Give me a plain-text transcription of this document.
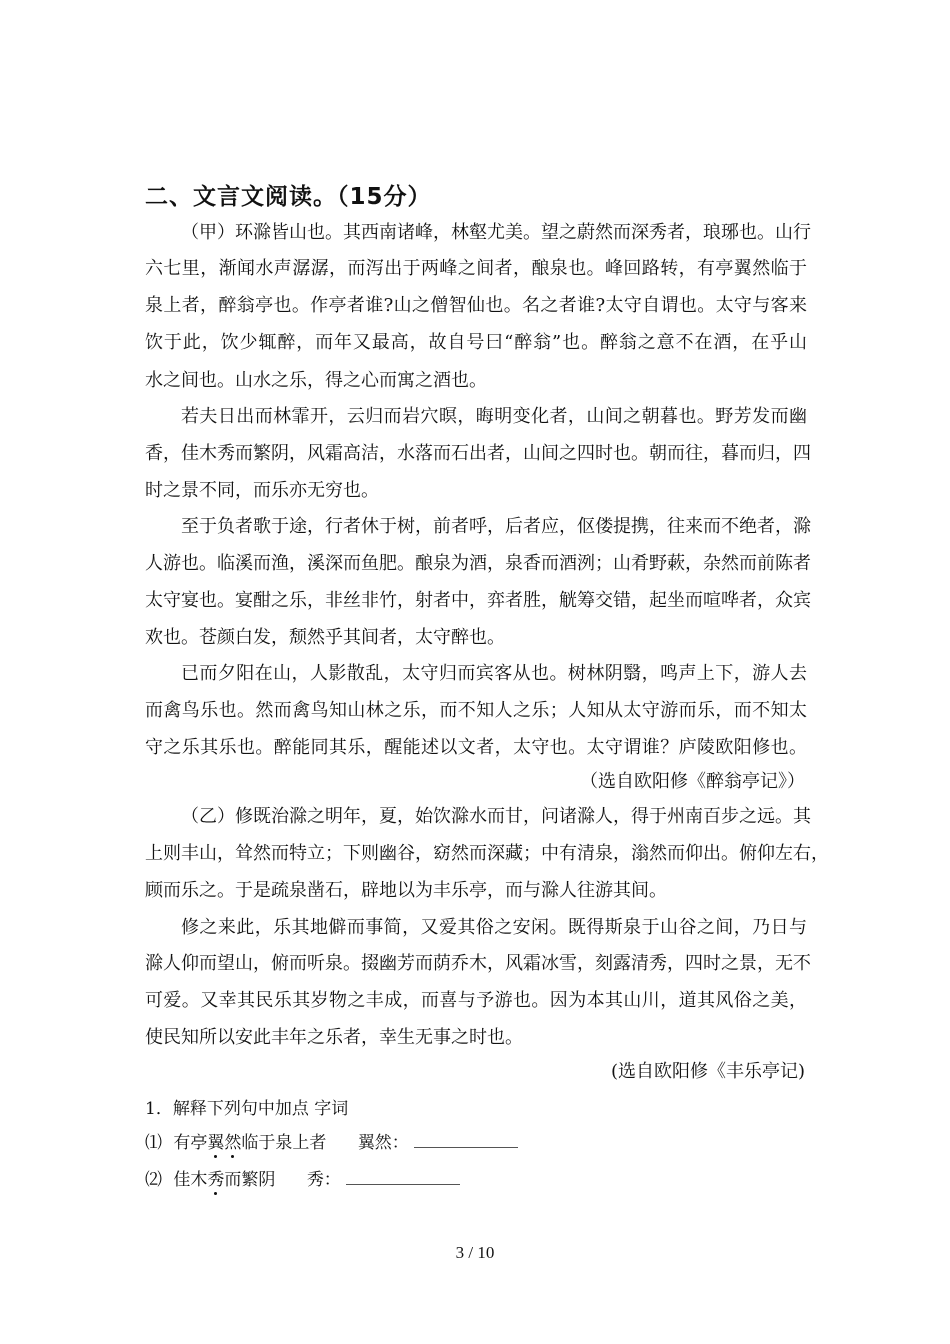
二、文言文阅读。（15分）
（甲）环滁皆山也。其西南诸峰，林壑尤美。望之蔚然而深秀者，琅琊也。山行
六七里，渐闻水声潺潺，而泻出于两峰之间者，酿泉也。峰回路转，有亭翼然临于
泉上者，醉翁亭也。作亭者谁?山之僧智仙也。名之者谁?太守自谓也。太守与客来
饮于此，饮少辄醉，而年又最高，故自号曰“醉翁”也。醉翁之意不在酒，在乎山
水之间也。山水之乐，得之心而寓之酒也。
若夫日出而林霏开，云归而岩穴暝，晦明变化者，山间之朝暮也。野芳发而幽
香，佳木秀而繁阴，风霜高洁，水落而石出者，山间之四时也。朝而往，暮而归，四
时之景不同，而乐亦无穷也。
至于负者歌于途，行者休于树，前者呼，后者应，伛偻提携，往来而不绝者，滁
人游也。临溪而渔，溪深而鱼肥。酿泉为酒，泉香而酒洌；山肴野蔌，杂然而前陈者
太守宴也。宴酣之乐，非丝非竹，射者中，弈者胜，觥筹交错，起坐而喧哗者，众宾
欢也。苍颜白发，颓然乎其间者，太守醉也。
已而夕阳在山，人影散乱，太守归而宾客从也。树林阴翳，鸣声上下，游人去
而禽鸟乐也。然而禽鸟知山林之乐，而不知人之乐；人知从太守游而乐，而不知太
守之乐其乐也。醉能同其乐，醒能述以文者，太守也。太守谓谁？庐陵欧阳修也。
（选自欧阳修《醉翁亭记》）
（乙）修既治滁之明年，夏，始饮滁水而甘，问诸滁人，得于州南百步之远。其
上则丰山，耸然而特立；下则幽谷，窈然而深藏；中有清泉，滃然而仰出。俯仰左右，
顾而乐之。于是疏泉凿石，辟地以为丰乐亭，而与滁人往游其间。
修之来此，乐其地僻而事简，又爱其俗之安闲。既得斯泉于山谷之间，乃日与
滁人仰而望山，俯而听泉。掇幽芳而荫乔木，风霜冰雪，刻露清秀，四时之景，无不
可爱。又幸其民乐其岁物之丰成，而喜与予游也。因为本其山川，道其风俗之美，
使民知所以安此丰年之乐者，幸生无事之时也。
(选自欧阳修《丰乐亭记)
1．解释下列句中加点 字词
⑴ 有亭翼然临于泉上者 翼然：
⑵ 佳木秀而繁阴 秀：
3 / 10
